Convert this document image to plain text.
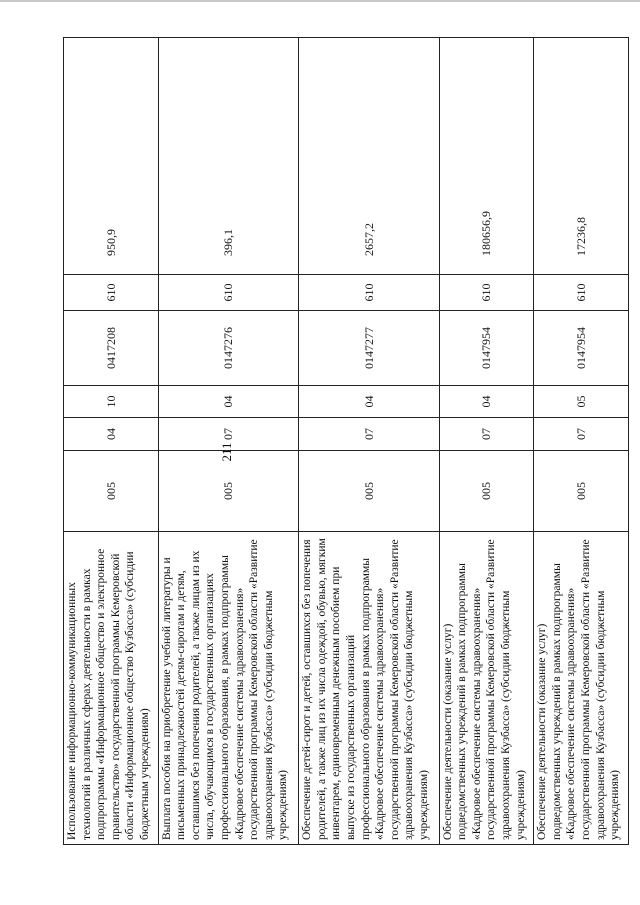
211
Использование информационно-коммуникационных технологий в различных сферах деятельности в рамках подпрограммы «Информационное общество и электронное правительство» государственной программы Кемеровской области «Информационное общество Кузбасса» (субсидии бюджетным учреждениям)	005	04	10	0417208	610	950,9
Выплата пособия на приобретение учебной литературы и письменных принадлежностей детям-сиротам и детям, оставшимся без попечения родителей, а также лицам из их числа, обучающимся в государственных организациях профессионального образования, в рамках подпрограммы «Кадровое обеспечение системы здравоохранения» государственной программы Кемеровской области «Развитие здравоохранения Кузбасса» (субсидии бюджетным учреждениям)	005	07	04	0147276	610	396,1
Обеспечение детей-сирот и детей, оставшихся без попечения родителей, а также лиц из их числа одеждой, обувью, мягким инвентарем, единовременным денежным пособием при выпуске из государственных организаций профессионального образования в рамках подпрограммы «Кадровое обеспечение системы здравоохранения» государственной программы Кемеровской области «Развитие здравоохранения Кузбасса» (субсидии бюджетным учреждениям)	005	07	04	0147277	610	2657,2
Обеспечение деятельности (оказание услуг) подведомственных учреждений в рамках подпрограммы «Кадровое обеспечение системы здравоохранения» государственной программы Кемеровской области «Развитие здравоохранения Кузбасса» (субсидии бюджетным учреждениям)	005	07	04	0147954	610	180656,9
Обеспечение деятельности (оказание услуг) подведомственных учреждений в рамках подпрограммы «Кадровое обеспечение системы здравоохранения» государственной программы Кемеровской области «Развитие здравоохранения Кузбасса» (субсидии бюджетным учреждениям)	005	07	05	0147954	610	17236,8
